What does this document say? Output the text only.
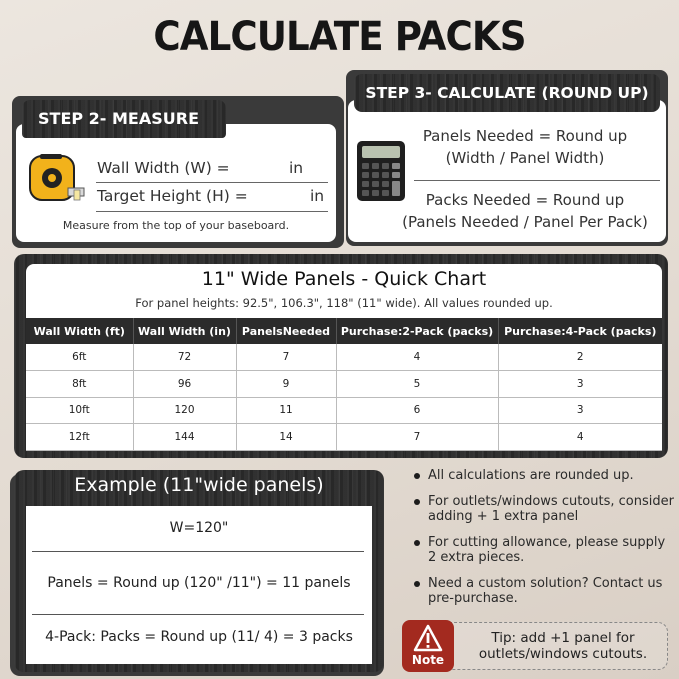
CALCULATE PACKS
STEP 2- MEASURE
Wall Width (W) =	in
Target Height (H) =	in
Measure from the top of your baseboard.
STEP 3- CALCULATE (ROUND UP)
Panels Needed = Round up
(Width / Panel Width)
Packs Needed = Round up
(Panels Needed / Panel Per Pack)
11" Wide Panels - Quick Chart
For panel heights: 92.5", 106.3", 118" (11" wide). All values rounded up.
Wall Width (ft)	Wall Width (in)	PanelsNeeded	Purchase:2-Pack (packs)	Purchase:4-Pack (packs)
6ft	72	7	4	2
8ft	96	9	5	3
10ft	120	11	6	3
12ft	144	14	7	4
Example (11"wide panels)
W=120"
Panels = Round up (120" /11") = 11 panels
4-Pack: Packs = Round up (11/ 4) = 3 packs
All calculations are rounded up.
For outlets/windows cutouts, consider adding + 1 extra panel
For cutting allowance, please supply 2 extra pieces.
Need a custom solution? Contact us pre-purchase.
Note
Tip: add +1 panel for outlets/windows cutouts.
